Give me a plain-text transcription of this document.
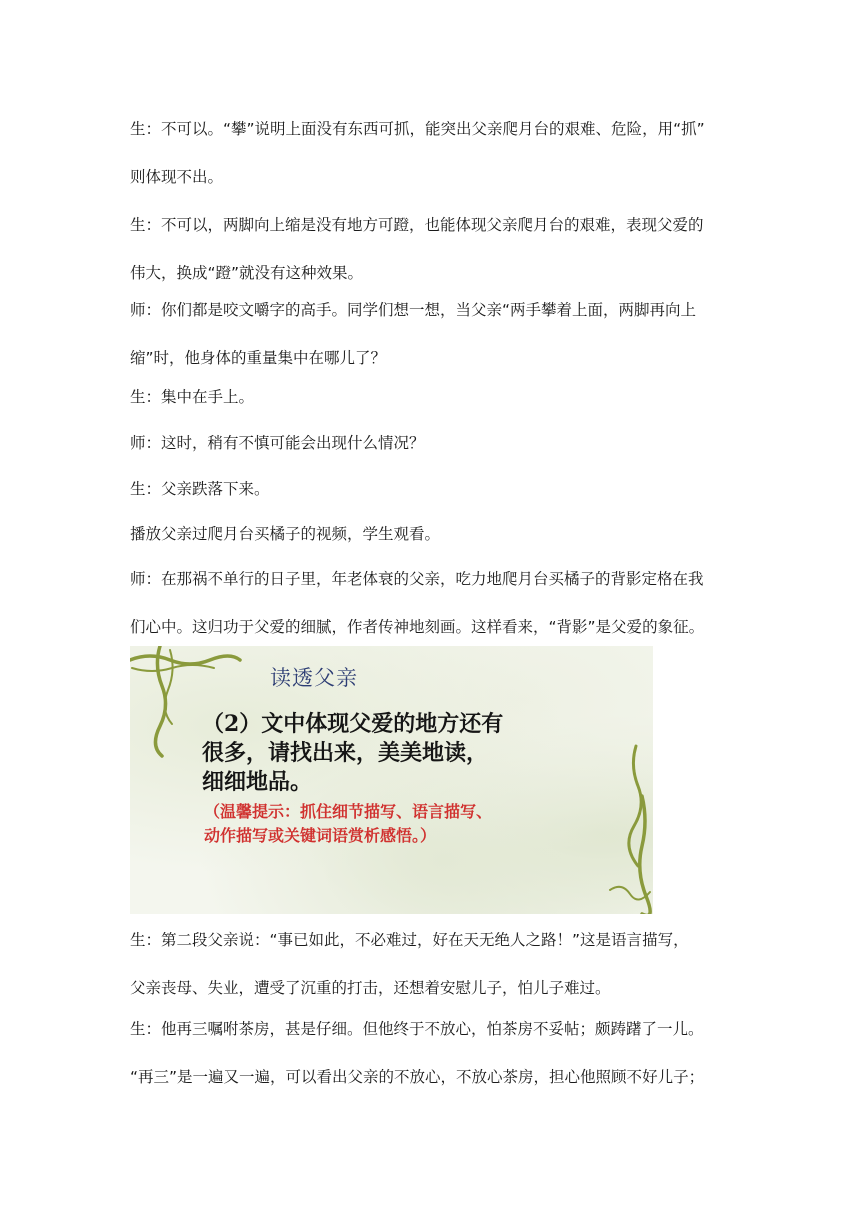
生：不可以。“攀”说明上面没有东西可抓，能突出父亲爬月台的艰难、危险，用“抓”
则体现不出。

生：不可以，两脚向上缩是没有地方可蹬，也能体现父亲爬月台的艰难，表现父爱的
伟大，换成“蹬”就没有这种效果。

师：你们都是咬文嚼字的高手。同学们想一想，当父亲“两手攀着上面，两脚再向上
缩”时，他身体的重量集中在哪儿了？

生：集中在手上。

师：这时，稍有不慎可能会出现什么情况？

生：父亲跌落下来。

播放父亲过爬月台买橘子的视频，学生观看。

师：在那祸不单行的日子里，年老体衰的父亲，吃力地爬月台买橘子的背影定格在我
们心中。这归功于父爱的细腻，作者传神地刻画。这样看来，“背影”是父爱的象征。

读透父亲
（2）文中体现父爱的地方还有
很多，请找出来，美美地读，
细细地品。
（温馨提示：抓住细节描写、语言描写、
动作描写或关键词语赏析感悟。）

生：第二段父亲说：“事已如此，不必难过，好在天无绝人之路！”这是语言描写，
父亲丧母、失业，遭受了沉重的打击，还想着安慰儿子，怕儿子难过。

生：他再三嘱咐茶房，甚是仔细。但他终于不放心，怕茶房不妥帖；颇踌躇了一儿。
“再三”是一遍又一遍，可以看出父亲的不放心，不放心茶房，担心他照顾不好儿子；
